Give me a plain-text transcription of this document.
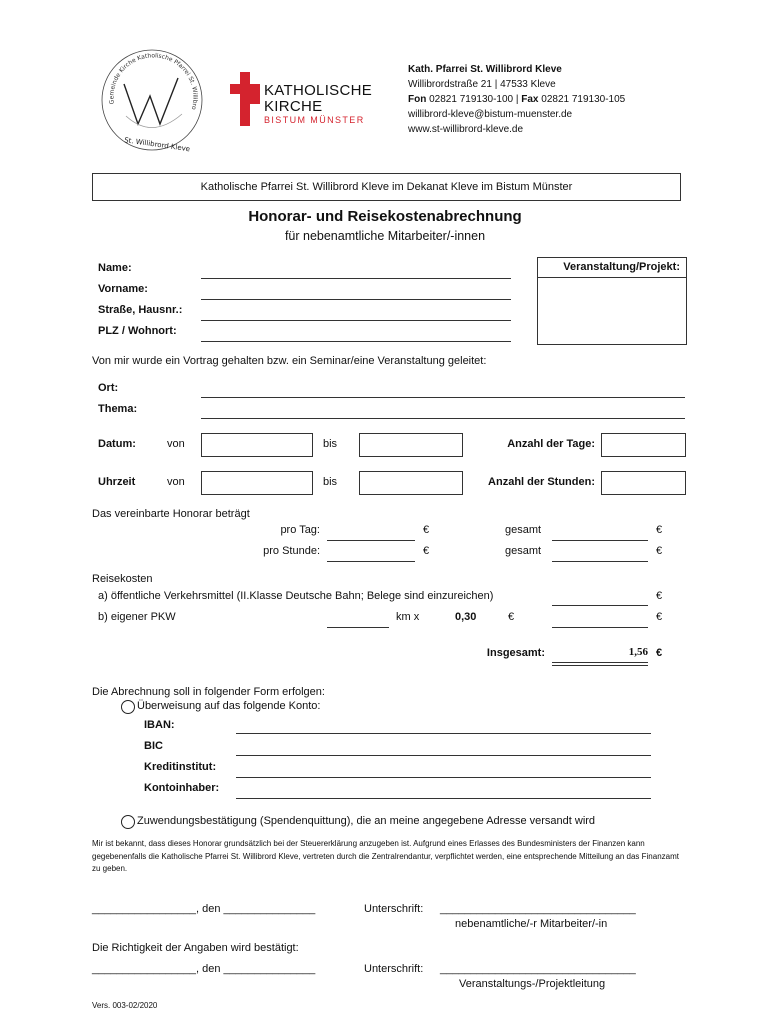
Gemeinde Kirche Katholische Pfarrei St. Willibro
St. Willibrord Kleve
KATHOLISCHE
KIRCHE
BISTUM MÜNSTER
Kath. Pfarrei St. Willibrord Kleve
Willibrordstraße 21 | 47533 Kleve
Fon 02821 719130-100 | Fax 02821 719130-105
willibrord-kleve@bistum-muenster.de
www.st-willibrord-kleve.de
Katholische Pfarrei St. Willibrord Kleve im Dekanat Kleve im Bistum Münster
Honorar- und Reisekostenabrechnung
für nebenamtliche Mitarbeiter/-innen
Name:
Vorname:
Straße, Hausnr.:
PLZ / Wohnort:
Veranstaltung/Projekt:
Von mir wurde ein Vortrag gehalten bzw. ein Seminar/eine Veranstaltung geleitet:
Ort:
Thema:
Datum:	von	bis	Anzahl der Tage:
Uhrzeit	von	bis	Anzahl der Stunden:
Das vereinbarte Honorar beträgt
pro Tag:	€	gesamt	€
pro Stunde:	€	gesamt	€
Reisekosten
a) öffentliche Verkehrsmittel (II.Klasse Deutsche Bahn; Belege sind einzureichen)	€
b) eigener PKW	km x	0,30	€	€
Insgesamt:	1,56 €
Die Abrechnung soll in folgender Form erfolgen:
Überweisung auf das folgende Konto:
IBAN:
BIC
Kreditinstitut:
Kontoinhaber:
Zuwendungsbestätigung (Spendenquittung), die an meine angegebene Adresse versandt wird
Mir ist bekannt, dass dieses Honorar grundsätzlich bei der Steuererklärung anzugeben ist. Aufgrund eines Erlasses des Bundesministers der Finanzen kann gegebenenfalls die Katholische Pfarrei St. Willibrord Kleve, vertreten durch die Zentralrendantur, verpflichtet werden, eine entsprechende Mitteilung an das Finanzamt zu geben.
_________________, den _______________	Unterschrift: ________________________________
nebenamtliche/-r Mitarbeiter/-in
Die Richtigkeit der Angaben wird bestätigt:
_________________, den _______________	Unterschrift: ________________________________
Veranstaltungs-/Projektleitung
Vers. 003-02/2020
